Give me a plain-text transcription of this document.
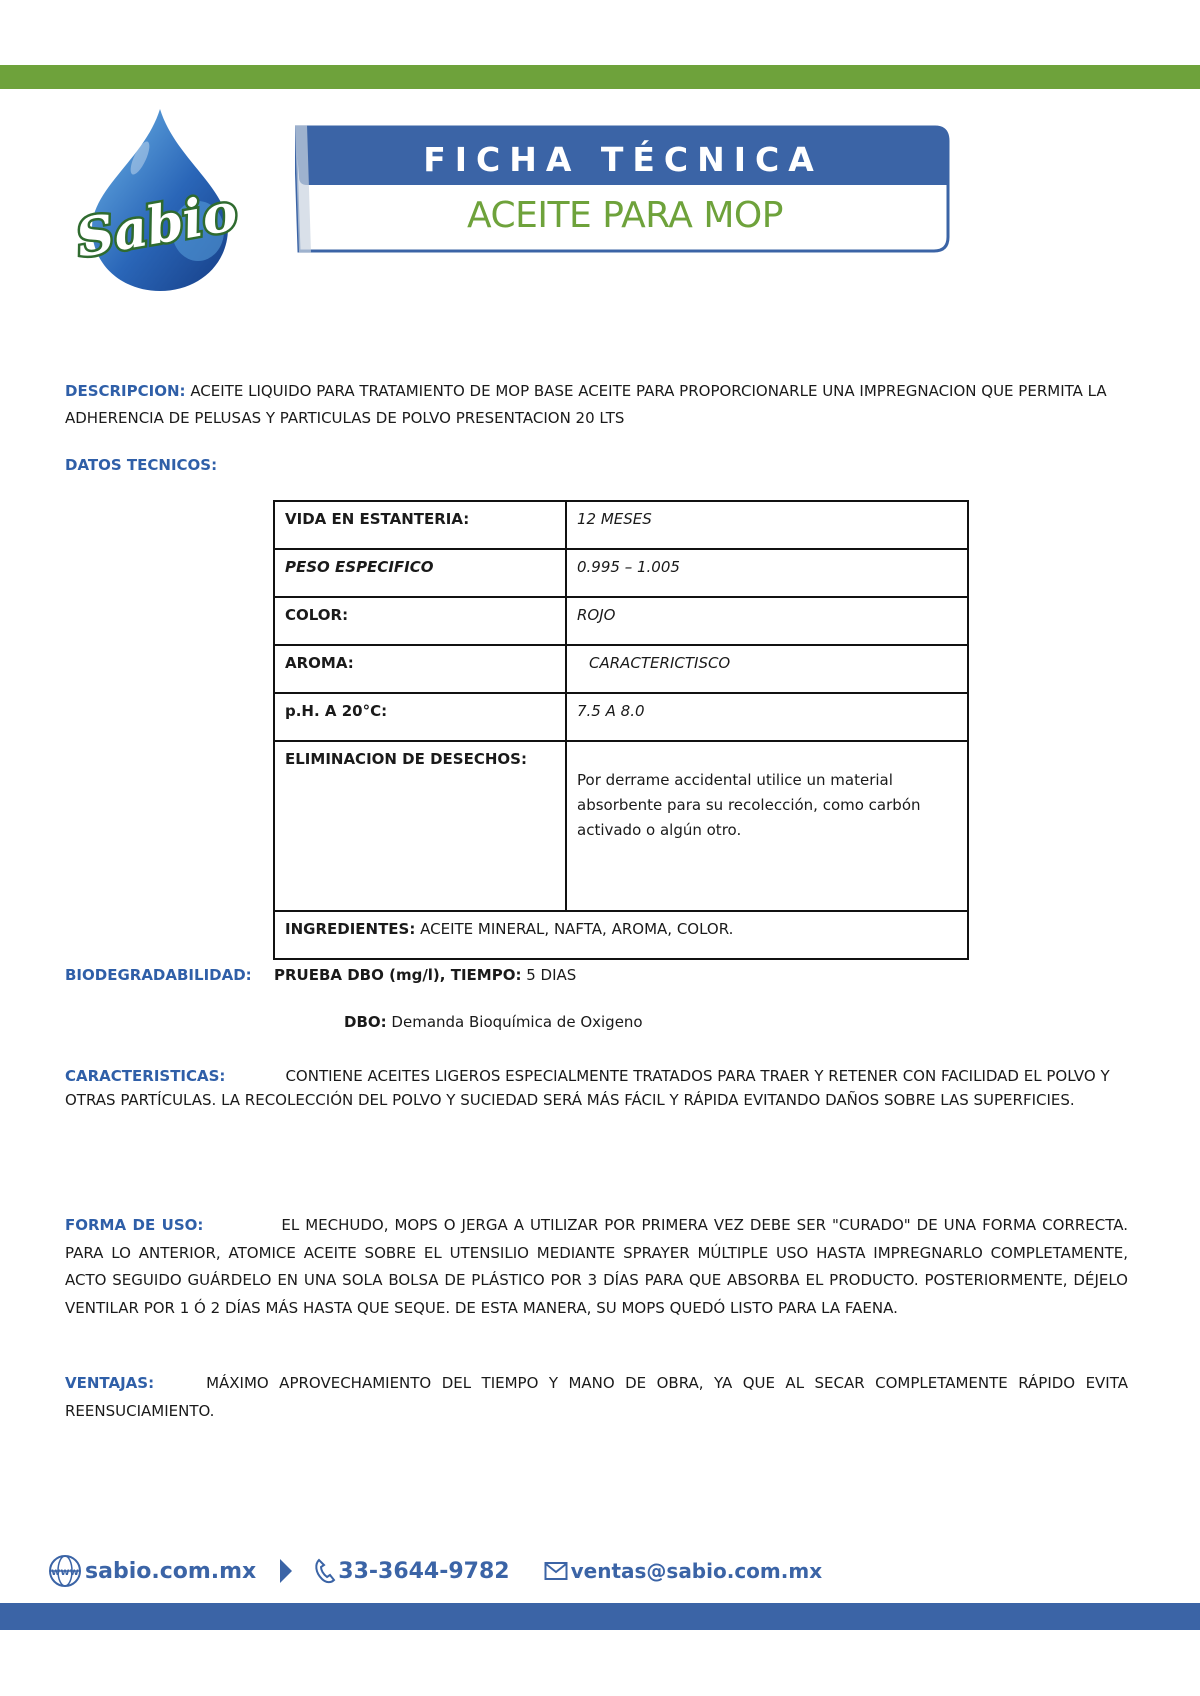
Sabio
FICHA TÉCNICA
ACEITE PARA MOP
DESCRIPCION: ACEITE LIQUIDO PARA TRATAMIENTO DE MOP BASE ACEITE PARA PROPORCIONARLE UNA IMPREGNACION QUE PERMITA LA ADHERENCIA DE PELUSAS Y PARTICULAS DE POLVO PRESENTACION 20 LTS
DATOS TECNICOS:
VIDA EN ESTANTERIA:	12 MESES
PESO ESPECIFICO	0.995 – 1.005
COLOR:	ROJO
AROMA:	CARACTERICTISCO
p.H. A 20°C:	7.5 A 8.0
ELIMINACION DE DESECHOS:	Por derrame accidental utilice un material absorbente para su recolección, como carbón activado o algún otro.
INGREDIENTES: ACEITE MINERAL, NAFTA, AROMA, COLOR.	
BIODEGRADABILIDAD:	PRUEBA DBO (mg/l), TIEMPO: 5 DIAS
DBO: Demanda Bioquímica de Oxigeno
CARACTERISTICAS:	CONTIENE ACEITES LIGEROS ESPECIALMENTE TRATADOS PARA TRAER Y RETENER CON FACILIDAD EL POLVO Y OTRAS PARTÍCULAS. LA RECOLECCIÓN DEL POLVO Y SUCIEDAD SERÁ MÁS FÁCIL Y RÁPIDA EVITANDO DAÑOS SOBRE LAS SUPERFICIES.
FORMA DE USO:	EL MECHUDO, MOPS O JERGA A UTILIZAR POR PRIMERA VEZ DEBE SER "CURADO" DE UNA FORMA CORRECTA. PARA LO ANTERIOR, ATOMICE ACEITE SOBRE EL UTENSILIO MEDIANTE SPRAYER MÚLTIPLE USO HASTA IMPREGNARLO COMPLETAMENTE, ACTO SEGUIDO GUÁRDELO EN UNA SOLA BOLSA DE PLÁSTICO POR 3 DÍAS PARA QUE ABSORBA EL PRODUCTO. POSTERIORMENTE, DÉJELO VENTILAR POR 1 Ó 2 DÍAS MÁS HASTA QUE SEQUE. DE ESTA MANERA, SU MOPS QUEDÓ LISTO PARA LA FAENA.
VENTAJAS:	MÁXIMO APROVECHAMIENTO DEL TIEMPO Y MANO DE OBRA, YA QUE AL SECAR COMPLETAMENTE RÁPIDO EVITA REENSUCIAMIENTO.
www sabio.com.mx	33-3644-9782	ventas@sabio.com.mx
